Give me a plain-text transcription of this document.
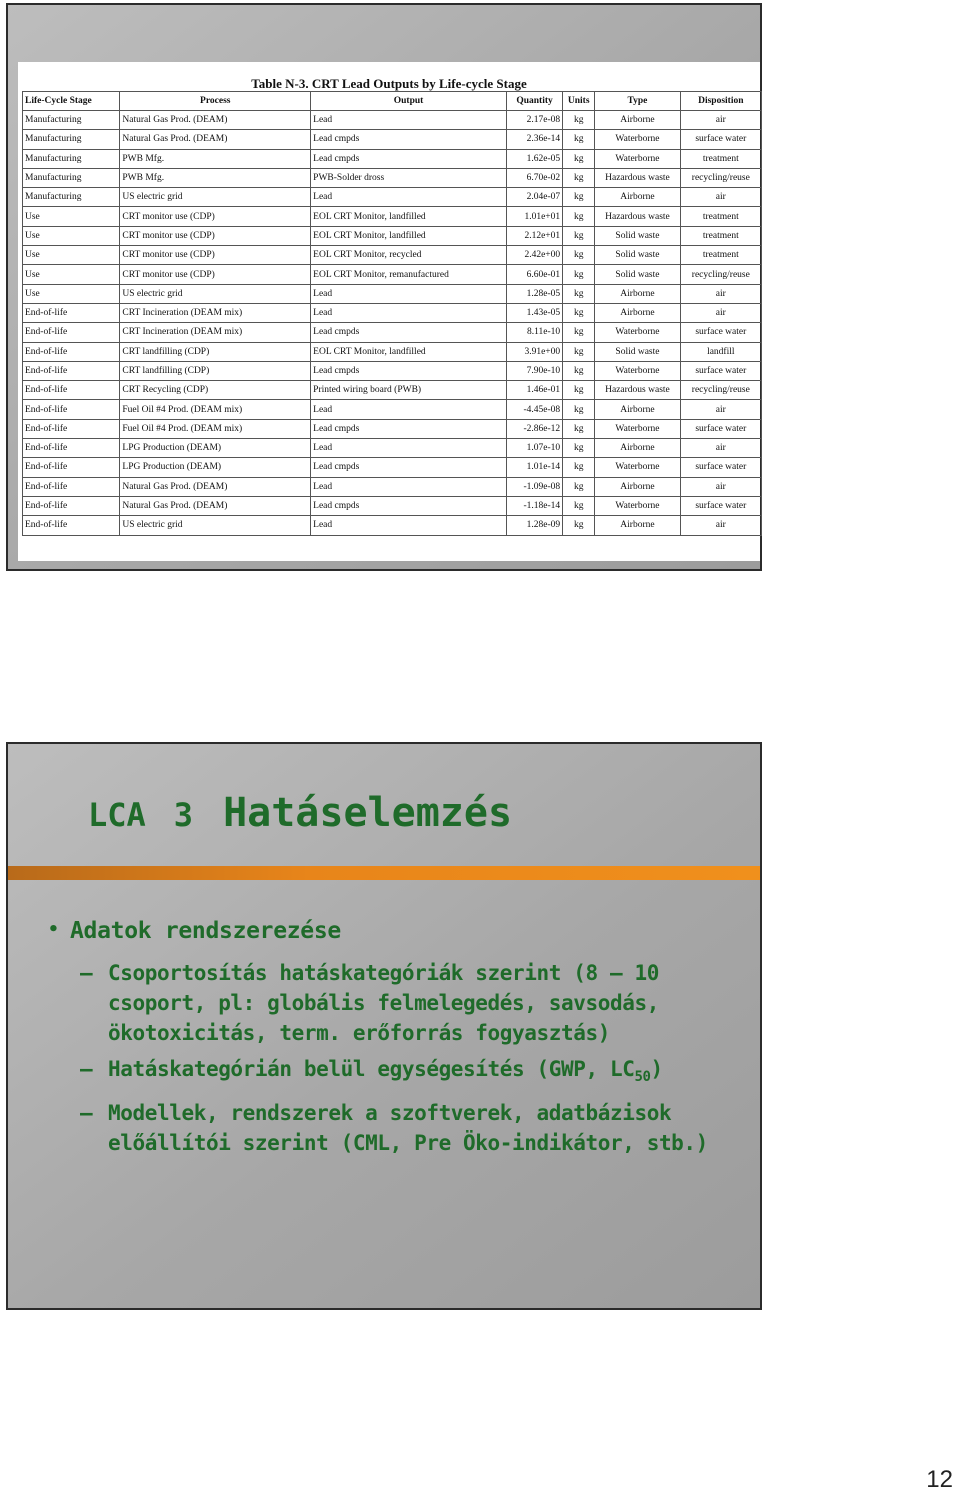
Table N-3. CRT Lead Outputs by Life-cycle Stage
Life-Cycle Stage	Process	Output	Quantity	Units	Type	Disposition
Manufacturing	Natural Gas Prod. (DEAM)	Lead	2.17e-08	kg	Airborne	air
Manufacturing	Natural Gas Prod. (DEAM)	Lead cmpds	2.36e-14	kg	Waterborne	surface water
Manufacturing	PWB Mfg.	Lead cmpds	1.62e-05	kg	Waterborne	treatment
Manufacturing	PWB Mfg.	PWB-Solder dross	6.70e-02	kg	Hazardous waste	recycling/reuse
Manufacturing	US electric grid	Lead	2.04e-07	kg	Airborne	air
Use	CRT monitor use (CDP)	EOL CRT Monitor, landfilled	1.01e+01	kg	Hazardous waste	treatment
Use	CRT monitor use (CDP)	EOL CRT Monitor, landfilled	2.12e+01	kg	Solid waste	treatment
Use	CRT monitor use (CDP)	EOL CRT Monitor, recycled	2.42e+00	kg	Solid waste	treatment
Use	CRT monitor use (CDP)	EOL CRT Monitor, remanufactured	6.60e-01	kg	Solid waste	recycling/reuse
Use	US electric grid	Lead	1.28e-05	kg	Airborne	air
End-of-life	CRT Incineration (DEAM mix)	Lead	1.43e-05	kg	Airborne	air
End-of-life	CRT Incineration (DEAM mix)	Lead cmpds	8.11e-10	kg	Waterborne	surface water
End-of-life	CRT landfilling (CDP)	EOL CRT Monitor, landfilled	3.91e+00	kg	Solid waste	landfill
End-of-life	CRT landfilling (CDP)	Lead cmpds	7.90e-10	kg	Waterborne	surface water
End-of-life	CRT Recycling (CDP)	Printed wiring board (PWB)	1.46e-01	kg	Hazardous waste	recycling/reuse
End-of-life	Fuel Oil #4 Prod. (DEAM mix)	Lead	-4.45e-08	kg	Airborne	air
End-of-life	Fuel Oil #4 Prod. (DEAM mix)	Lead cmpds	-2.86e-12	kg	Waterborne	surface water
End-of-life	LPG Production (DEAM)	Lead	1.07e-10	kg	Airborne	air
End-of-life	LPG Production (DEAM)	Lead cmpds	1.01e-14	kg	Waterborne	surface water
End-of-life	Natural Gas Prod. (DEAM)	Lead	-1.09e-08	kg	Airborne	air
End-of-life	Natural Gas Prod. (DEAM)	Lead cmpds	-1.18e-14	kg	Waterborne	surface water
End-of-life	US electric grid	Lead	1.28e-09	kg	Airborne	air
LCA 3 Hatáselemzés
• Adatok rendszerezése
– Csoportosítás hatáskategóriák szerint (8 – 10 csoport, pl: globális felmelegedés, savsodás, ökotoxicitás, term. erőforrás fogyasztás)
– Hatáskategórián belül egységesítés (GWP, $LC_{50}$)
– Modellek, rendszerek a szoftverek, adatbázisok előállítói szerint (CML, Pre Öko-indikátor, stb.)
12
